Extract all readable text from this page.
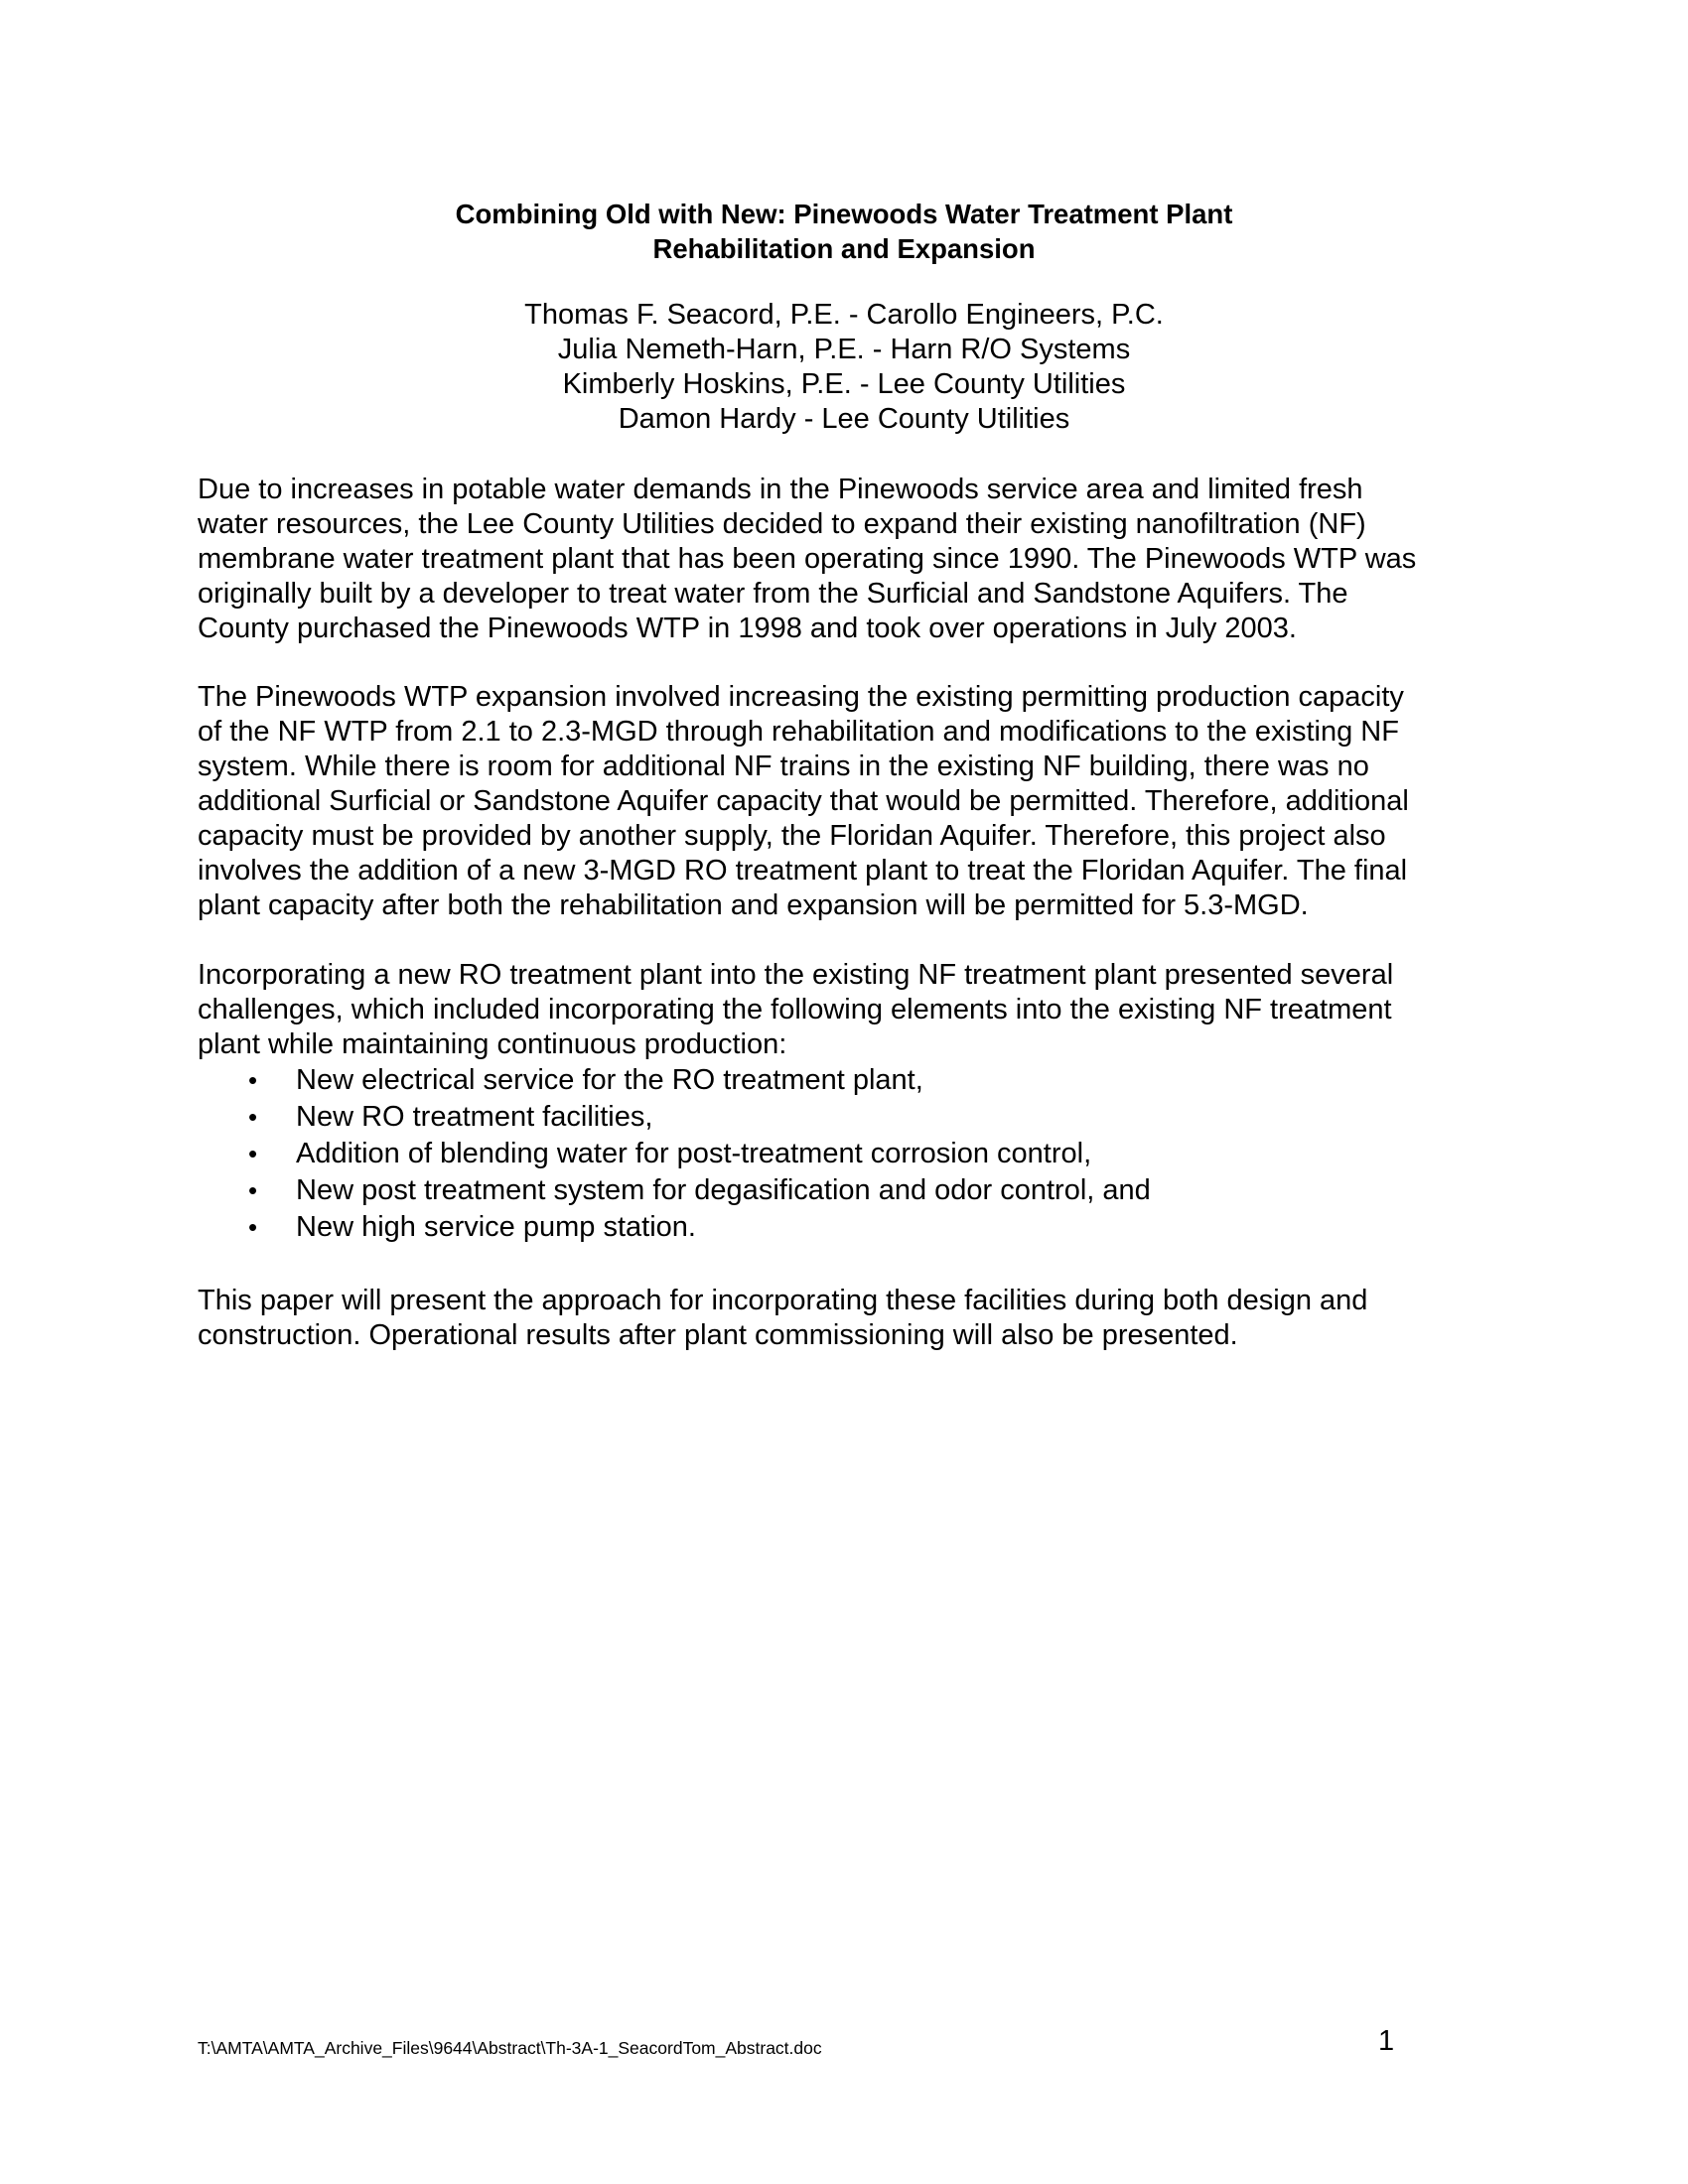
Combining Old with New: Pinewoods Water Treatment Plant
Rehabilitation and Expansion
Thomas F. Seacord, P.E. - Carollo Engineers, P.C.
Julia Nemeth-Harn, P.E. - Harn R/O Systems
Kimberly Hoskins, P.E. - Lee County Utilities
Damon Hardy - Lee County Utilities
Due to increases in potable water demands in the Pinewoods service area and limited fresh
water resources, the Lee County Utilities decided to expand their existing nanofiltration (NF)
membrane water treatment plant that has been operating since 1990. The Pinewoods WTP was
originally built by a developer to treat water from the Surficial and Sandstone Aquifers. The
County purchased the Pinewoods WTP in 1998 and took over operations in July 2003.
The Pinewoods WTP expansion involved increasing the existing permitting production capacity
of the NF WTP from 2.1 to 2.3-MGD through rehabilitation and modifications to the existing NF
system. While there is room for additional NF trains in the existing NF building, there was no
additional Surficial or Sandstone Aquifer capacity that would be permitted. Therefore, additional
capacity must be provided by another supply, the Floridan Aquifer. Therefore, this project also
involves the addition of a new 3-MGD RO treatment plant to treat the Floridan Aquifer. The final
plant capacity after both the rehabilitation and expansion will be permitted for 5.3-MGD.
Incorporating a new RO treatment plant into the existing NF treatment plant presented several
challenges, which included incorporating the following elements into the existing NF treatment
plant while maintaining continuous production:
• New electrical service for the RO treatment plant,
• New RO treatment facilities,
• Addition of blending water for post-treatment corrosion control,
• New post treatment system for degasification and odor control, and
• New high service pump station.
This paper will present the approach for incorporating these facilities during both design and
construction. Operational results after plant commissioning will also be presented.
T:\AMTA\AMTA_Archive_Files\9644\Abstract\Th-3A-1_SeacordTom_Abstract.doc	1
